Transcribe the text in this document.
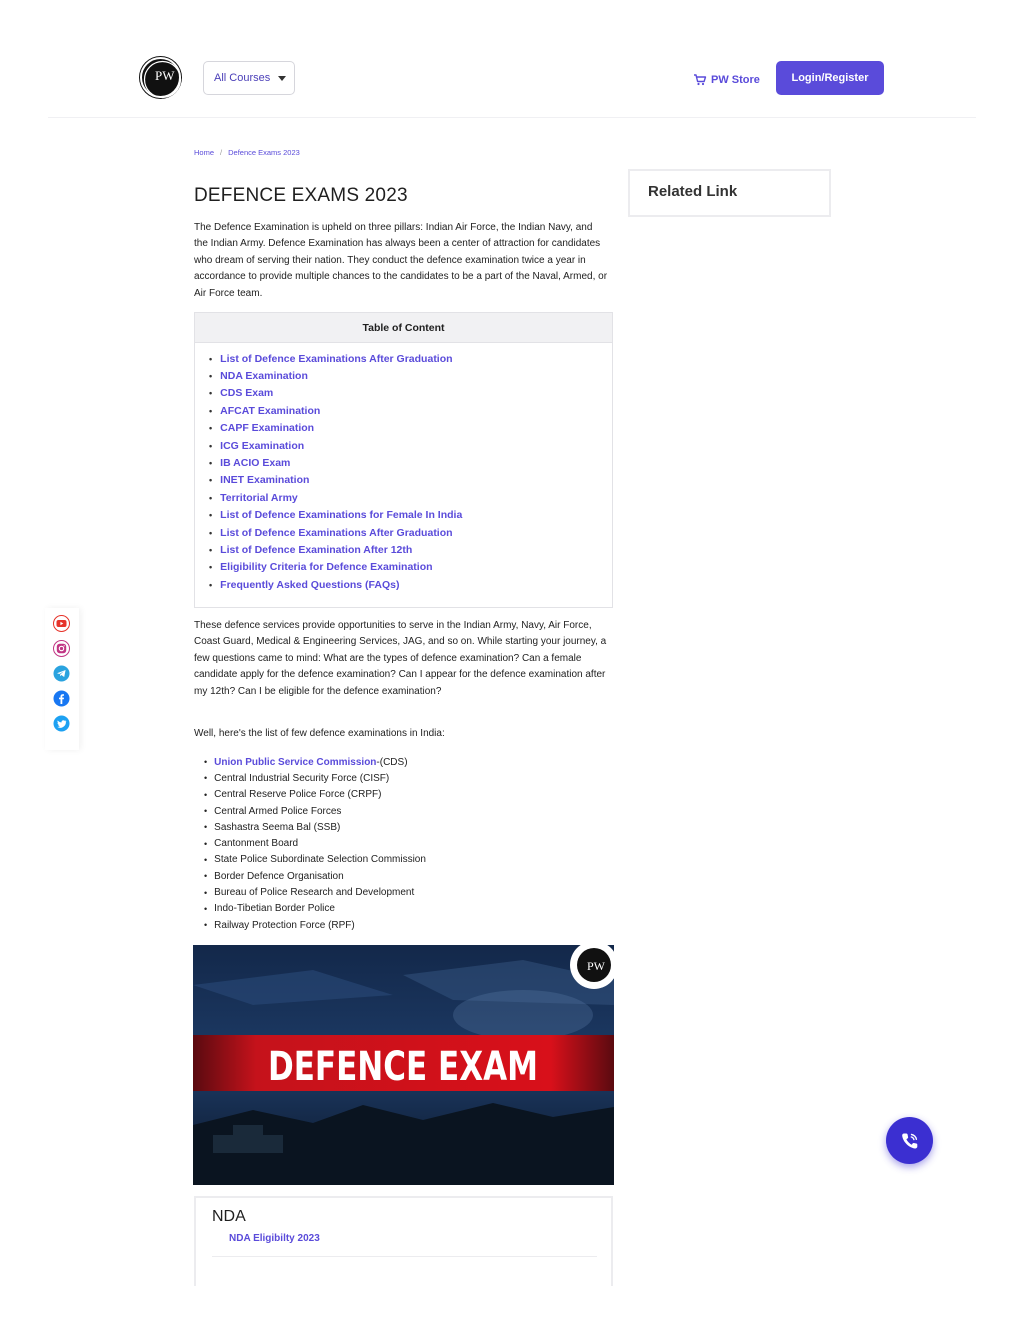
PW	All Courses	PW Store	Login/Register
Home / Defence Exams 2023
DEFENCE EXAMS 2023

The Defence Examination is upheld on three pillars: Indian Air Force, the Indian Navy, and the Indian Army. Defence Examination has always been a center of attraction for candidates who dream of serving their nation. They conduct the defence examination twice a year in accordance to provide multiple chances to the candidates to be a part of the Naval, Armed, or Air Force team.

Table of Content
• List of Defence Examinations After Graduation
• NDA Examination
• CDS Exam
• AFCAT Examination
• CAPF Examination
• ICG Examination
• IB ACIO Exam
• INET Examination
• Territorial Army
• List of Defence Examinations for Female In India
• List of Defence Examinations After Graduation
• List of Defence Examination After 12th
• Eligibility Criteria for Defence Examination
• Frequently Asked Questions (FAQs)

These defence services provide opportunities to serve in the Indian Army, Navy, Air Force, Coast Guard, Medical & Engineering Services, JAG, and so on. While starting your journey, a few questions came to mind: What are the types of defence examination? Can a female candidate apply for the defence examination? Can I appear for the defence examination after my 12th? Can I be eligible for the defence examination?

Well, here's the list of few defence examinations in India:

• Union Public Service Commission -(CDS)
• Central Industrial Security Force (CISF)
• Central Reserve Police Force (CRPF)
• Central Armed Police Forces
• Sashastra Seema Bal (SSB)
• Cantonment Board
• State Police Subordinate Selection Commission
• Border Defence Organisation
• Bureau of Police Research and Development
• Indo-Tibetian Border Police
• Railway Protection Force (RPF)
DEFENCE EXAM
PW
NDA
NDA Eligibilty 2023
Related Link
